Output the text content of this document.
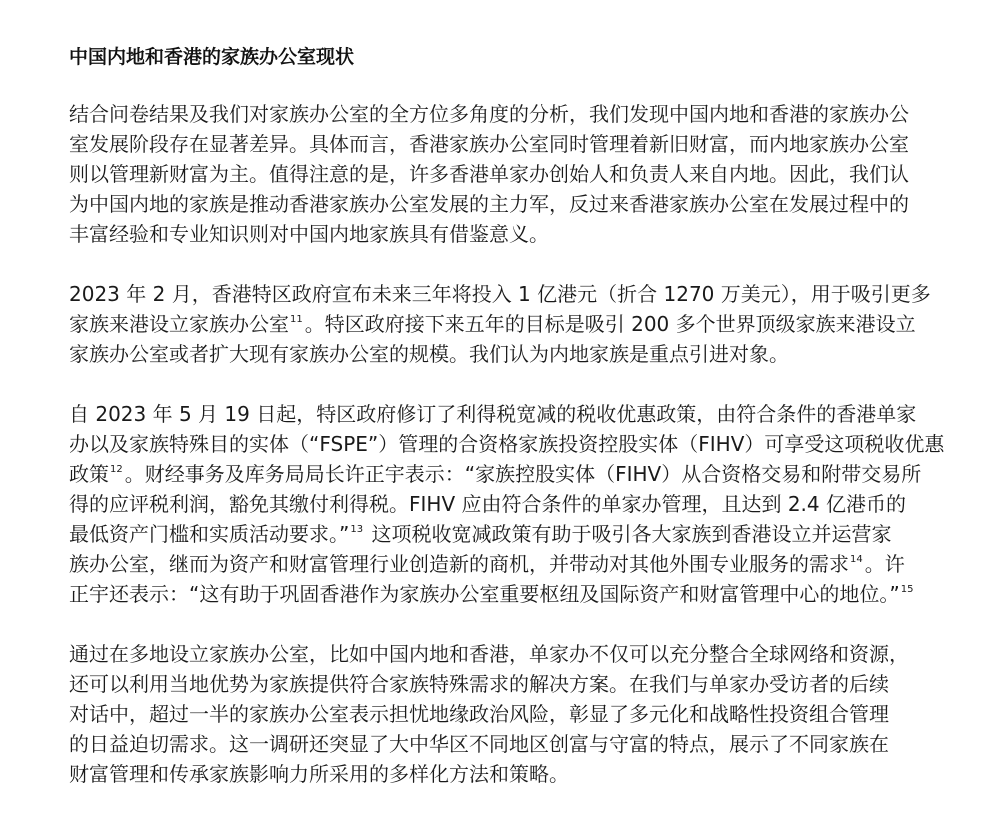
中国内地和香港的家族办公室现状
结合问卷结果及我们对家族办公室的全方位多角度的分析，我们发现中国内地和香港的家族办公
室发展阶段存在显著差异。具体而言，香港家族办公室同时管理着新旧财富，而内地家族办公室
则以管理新财富为主。值得注意的是，许多香港单家办创始人和负责人来自内地。因此，我们认
为中国内地的家族是推动香港家族办公室发展的主力军，反过来香港家族办公室在发展过程中的
丰富经验和专业知识则对中国内地家族具有借鉴意义。
2023 年 2 月，香港特区政府宣布未来三年将投入 1 亿港元（折合 1270 万美元），用于吸引更多
家族来港设立家族办公室$^{11}$ 。特区政府接下来五年的目标是吸引 200 多个世界顶级家族来港设立
家族办公室或者扩大现有家族办公室的规模。我们认为内地家族是重点引进对象。
自 2023 年 5 月 19 日起，特区政府修订了利得税宽减的税收优惠政策，由符合条件的香港单家
办以及家族特殊目的实体（“FSPE”）管理的合资格家族投资控股实体（FIHV）可享受这项税收优惠
政策$^{12}$ 。财经事务及库务局局长许正宇表示：“家族控股实体（FIHV）从合资格交易和附带交易所
得的应评税利润，豁免其缴付利得税。FIHV 应由符合条件的单家办管理，且达到 2.4 亿港币的
最低资产门槛和实质活动要求。”$^{13}$ 这项税收宽减政策有助于吸引各大家族到香港设立并运营家
族办公室，继而为资产和财富管理行业创造新的商机，并带动对其他外围专业服务的需求$^{14}$ 。许
正宇还表示：“这有助于巩固香港作为家族办公室重要枢纽及国际资产和财富管理中心的地位。”$^{15}$
通过在多地设立家族办公室，比如中国内地和香港，单家办不仅可以充分整合全球网络和资源，
还可以利用当地优势为家族提供符合家族特殊需求的解决方案。在我们与单家办受访者的后续
对话中，超过一半的家族办公室表示担忧地缘政治风险，彰显了多元化和战略性投资组合管理
的日益迫切需求。这一调研还突显了大中华区不同地区创富与守富的特点，展示了不同家族在
财富管理和传承家族影响力所采用的多样化方法和策略。
